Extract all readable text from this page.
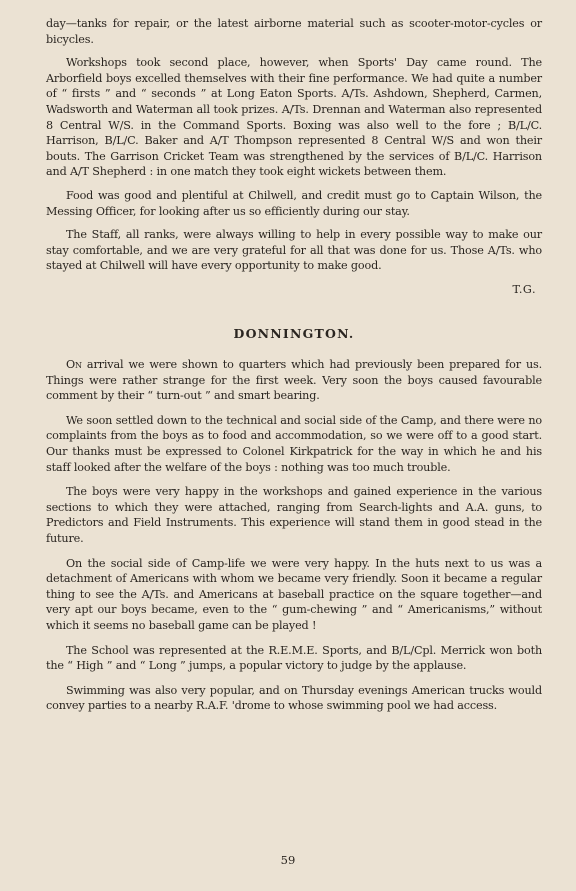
day—tanks for repair, or the latest airborne material such as scooter-motor-cycles or bicycles.

Workshops took second place, however, when Sports' Day came round. The Arborfield boys excelled themselves with their fine performance. We had quite a number of “ firsts ” and “ seconds ” at Long Eaton Sports. A/Ts. Ashdown, Shepherd, Carmen, Wadsworth and Waterman all took prizes. A/Ts. Drennan and Waterman also represented 8 Central W/S. in the Command Sports. Boxing was also well to the fore ; B/L/C. Harrison, B/L/C. Baker and A/T Thompson represented 8 Central W/S and won their bouts. The Garrison Cricket Team was strengthened by the services of B/L/C. Harrison and A/T Shepherd : in one match they took eight wickets between them.

Food was good and plentiful at Chilwell, and credit must go to Captain Wilson, the Messing Officer, for looking after us so efficiently during our stay.

The Staff, all ranks, were always willing to help in every possible way to make our stay comfortable, and we are very grateful for all that was done for us. Those A/Ts. who stayed at Chilwell will have every opportunity to make good.

T.G.
DONNINGTON.

On arrival we were shown to quarters which had previously been prepared for us. Things were rather strange for the first week. Very soon the boys caused favourable comment by their “ turn-out ” and smart bearing.

We soon settled down to the technical and social side of the Camp, and there were no complaints from the boys as to food and accommodation, so we were off to a good start. Our thanks must be expressed to Colonel Kirkpatrick for the way in which he and his staff looked after the welfare of the boys : nothing was too much trouble.

The boys were very happy in the workshops and gained experience in the various sections to which they were attached, ranging from Search-lights and A.A. guns, to Predictors and Field Instruments. This experience will stand them in good stead in the future.

On the social side of Camp-life we were very happy. In the huts next to us was a detachment of Americans with whom we became very friendly. Soon it became a regular thing to see the A/Ts. and Americans at baseball practice on the square together—and very apt our boys became, even to the “ gum-chewing ” and “ Americanisms,” without which it seems no baseball game can be played !

The School was represented at the R.E.M.E. Sports, and B/L/Cpl. Merrick won both the “ High ” and “ Long ” jumps, a popular victory to judge by the applause.

Swimming was also very popular, and on Thursday evenings American trucks would convey parties to a nearby R.A.F. 'drome to whose swimming pool we had access.

59
